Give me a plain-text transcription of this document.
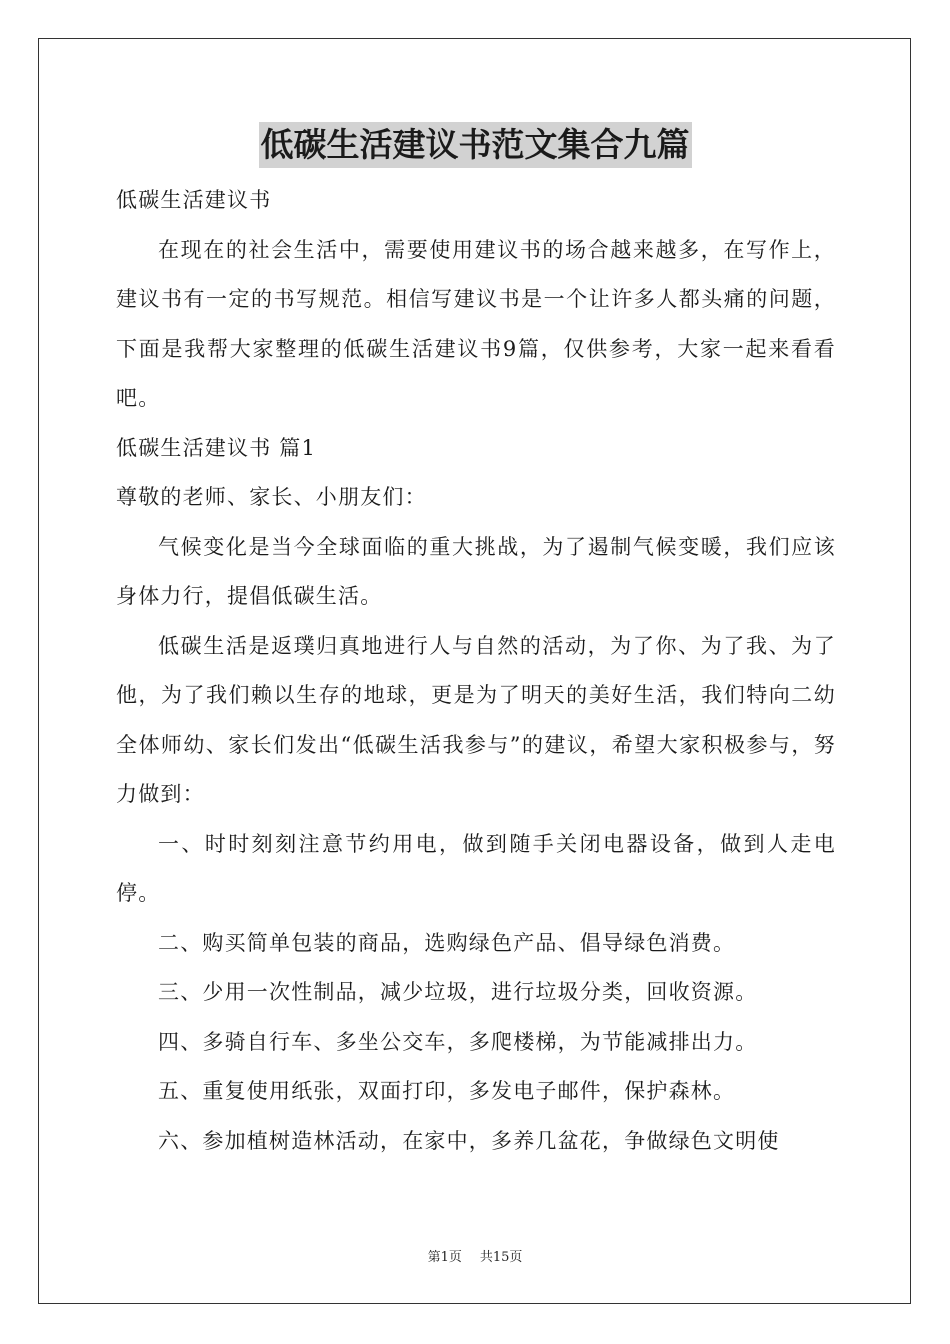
低碳生活建议书范文集合九篇

低碳生活建议书

在现在的社会生活中，需要使用建议书的场合越来越多，在写作上，建议书有一定的书写规范。相信写建议书是一个让许多人都头痛的问题，下面是我帮大家整理的低碳生活建议书9篇，仅供参考，大家一起来看看吧。

低碳生活建议书 篇1

尊敬的老师、家长、小朋友们：

气候变化是当今全球面临的重大挑战，为了遏制气候变暖，我们应该身体力行，提倡低碳生活。

低碳生活是返璞归真地进行人与自然的活动，为了你、为了我、为了他，为了我们赖以生存的地球，更是为了明天的美好生活，我们特向二幼全体师幼、家长们发出“低碳生活我参与”的建议，希望大家积极参与，努力做到：

一、时时刻刻注意节约用电，做到随手关闭电器设备，做到人走电停。

二、购买简单包装的商品，选购绿色产品、倡导绿色消费。

三、少用一次性制品，减少垃圾，进行垃圾分类，回收资源。

四、多骑自行车、多坐公交车，多爬楼梯，为节能减排出力。

五、重复使用纸张，双面打印，多发电子邮件，保护森林。

六、参加植树造林活动，在家中，多养几盆花，争做绿色文明使

第1页 共15页
